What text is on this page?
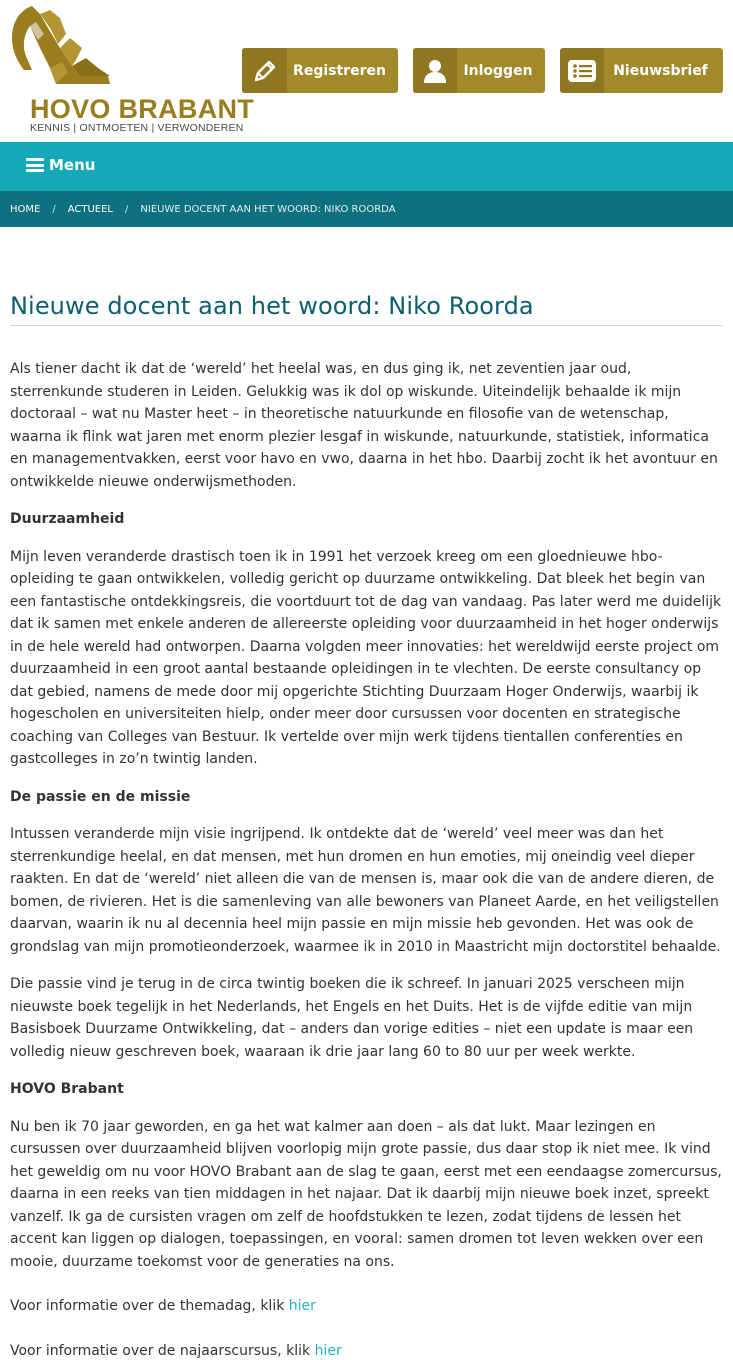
HOVO BRABANT
KENNIS | ONTMOETEN | VERWONDEREN
Registreren	Inloggen	Nieuwsbrief
Menu
HOME / ACTUEEL / NIEUWE DOCENT AAN HET WOORD: NIKO ROORDA
Nieuwe docent aan het woord: Niko Roorda

Als tiener dacht ik dat de ‘wereld’ het heelal was, en dus ging ik, net zeventien jaar oud, sterrenkunde studeren in Leiden. Gelukkig was ik dol op wiskunde. Uiteindelijk behaalde ik mijn doctoraal – wat nu Master heet – in theoretische natuurkunde en filosofie van de wetenschap, waarna ik flink wat jaren met enorm plezier lesgaf in wiskunde, natuurkunde, statistiek, informatica en managementvakken, eerst voor havo en vwo, daarna in het hbo. Daarbij zocht ik het avontuur en ontwikkelde nieuwe onderwijsmethoden.

Duurzaamheid

Mijn leven veranderde drastisch toen ik in 1991 het verzoek kreeg om een gloednieuwe hbo-opleiding te gaan ontwikkelen, volledig gericht op duurzame ontwikkeling. Dat bleek het begin van een fantastische ontdekkingsreis, die voortduurt tot de dag van vandaag. Pas later werd me duidelijk dat ik samen met enkele anderen de allereerste opleiding voor duurzaamheid in het hoger onderwijs in de hele wereld had ontworpen. Daarna volgden meer innovaties: het wereldwijd eerste project om duurzaamheid in een groot aantal bestaande opleidingen in te vlechten. De eerste consultancy op dat gebied, namens de mede door mij opgerichte Stichting Duurzaam Hoger Onderwijs, waarbij ik hogescholen en universiteiten hielp, onder meer door cursussen voor docenten en strategische coaching van Colleges van Bestuur. Ik vertelde over mijn werk tijdens tientallen conferenties en gastcolleges in zo’n twintig landen.

De passie en de missie

Intussen veranderde mijn visie ingrijpend. Ik ontdekte dat de ‘wereld’ veel meer was dan het sterrenkundige heelal, en dat mensen, met hun dromen en hun emoties, mij oneindig veel dieper raakten. En dat de ‘wereld’ niet alleen die van de mensen is, maar ook die van de andere dieren, de bomen, de rivieren. Het is die samenleving van alle bewoners van Planeet Aarde, en het veiligstellen daarvan, waarin ik nu al decennia heel mijn passie en mijn missie heb gevonden. Het was ook de grondslag van mijn promotieonderzoek, waarmee ik in 2010 in Maastricht mijn doctorstitel behaalde.

Die passie vind je terug in de circa twintig boeken die ik schreef. In januari 2025 verscheen mijn nieuwste boek tegelijk in het Nederlands, het Engels en het Duits. Het is de vijfde editie van mijn Basisboek Duurzame Ontwikkeling, dat – anders dan vorige edities – niet een update is maar een volledig nieuw geschreven boek, waaraan ik drie jaar lang 60 to 80 uur per week werkte.

HOVO Brabant

Nu ben ik 70 jaar geworden, en ga het wat kalmer aan doen – als dat lukt. Maar lezingen en cursussen over duurzaamheid blijven voorlopig mijn grote passie, dus daar stop ik niet mee. Ik vind het geweldig om nu voor HOVO Brabant aan de slag te gaan, eerst met een eendaagse zomercursus, daarna in een reeks van tien middagen in het najaar. Dat ik daarbij mijn nieuwe boek inzet, spreekt vanzelf. Ik ga de cursisten vragen om zelf de hoofdstukken te lezen, zodat tijdens de lessen het accent kan liggen op dialogen, toepassingen, en vooral: samen dromen tot leven wekken over een mooie, duurzame toekomst voor de generaties na ons.

Voor informatie over de themadag, klik hier

Voor informatie over de najaarscursus, klik hier
